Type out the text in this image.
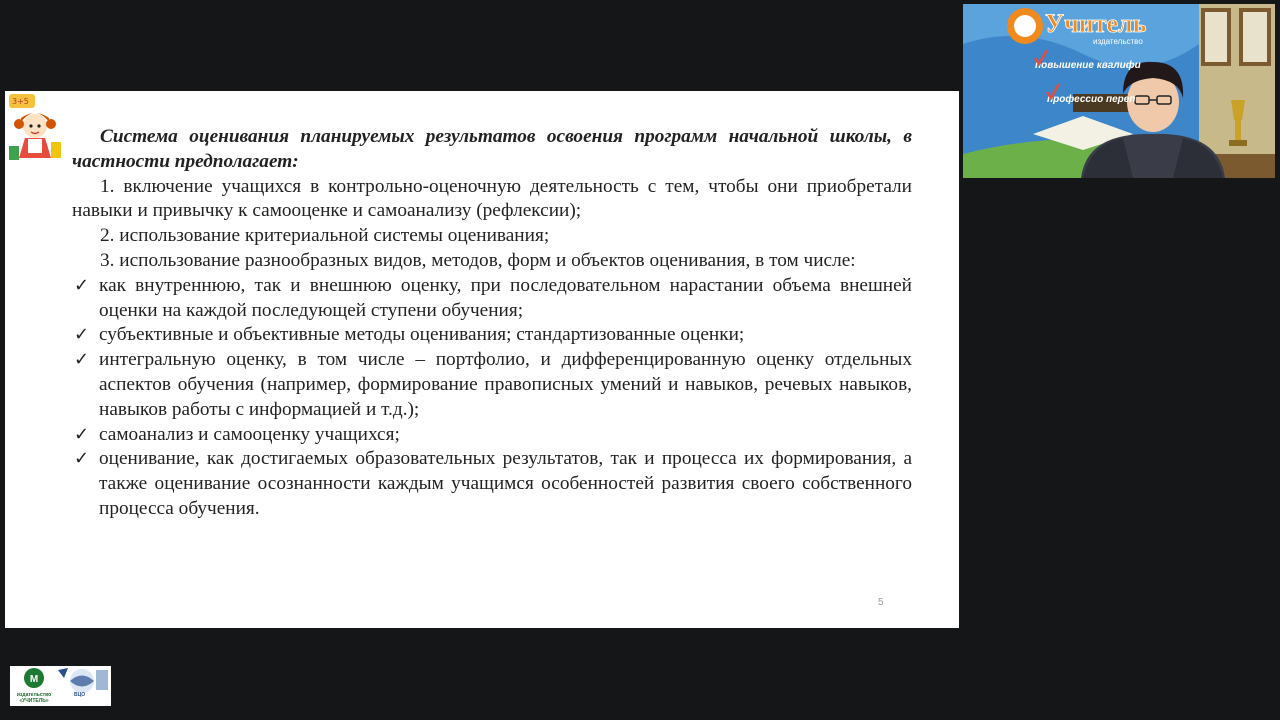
3+5
Система оценивания планируемых результатов освоения программ начальной школы, в частности предполагает:
1. включение учащихся в контрольно-оценочную деятельность с тем, чтобы они приобретали навыки и привычку к самооценке и самоанализу (рефлексии);
2. использование критериальной системы оценивания;
3. использование разнообразных видов, методов, форм и объектов оценивания, в том числе:
✓ как внутреннюю, так и внешнюю оценку, при последовательном нарастании объема внешней оценки на каждой последующей ступени обучения;
✓ субъективные и объективные методы оценивания; стандартизованные оценки;
✓ интегральную оценку, в том числе – портфолио, и дифференцированную оценку отдельных аспектов обучения (например, формирование правописных умений и навыков, речевых навыков, навыков работы с информацией и т.д.);
✓ самоанализ и самооценку учащихся;
✓ оценивание, как достигаемых образовательных результатов, так и процесса их формирования, а также оценивание осознанности каждым учащимся особенностей развития своего собственного процесса обучения.
5
Учитель
издательство
повышение квалифи
профессио переп
M
издательство
«УЧИТЕЛЬ»
ВЦО
